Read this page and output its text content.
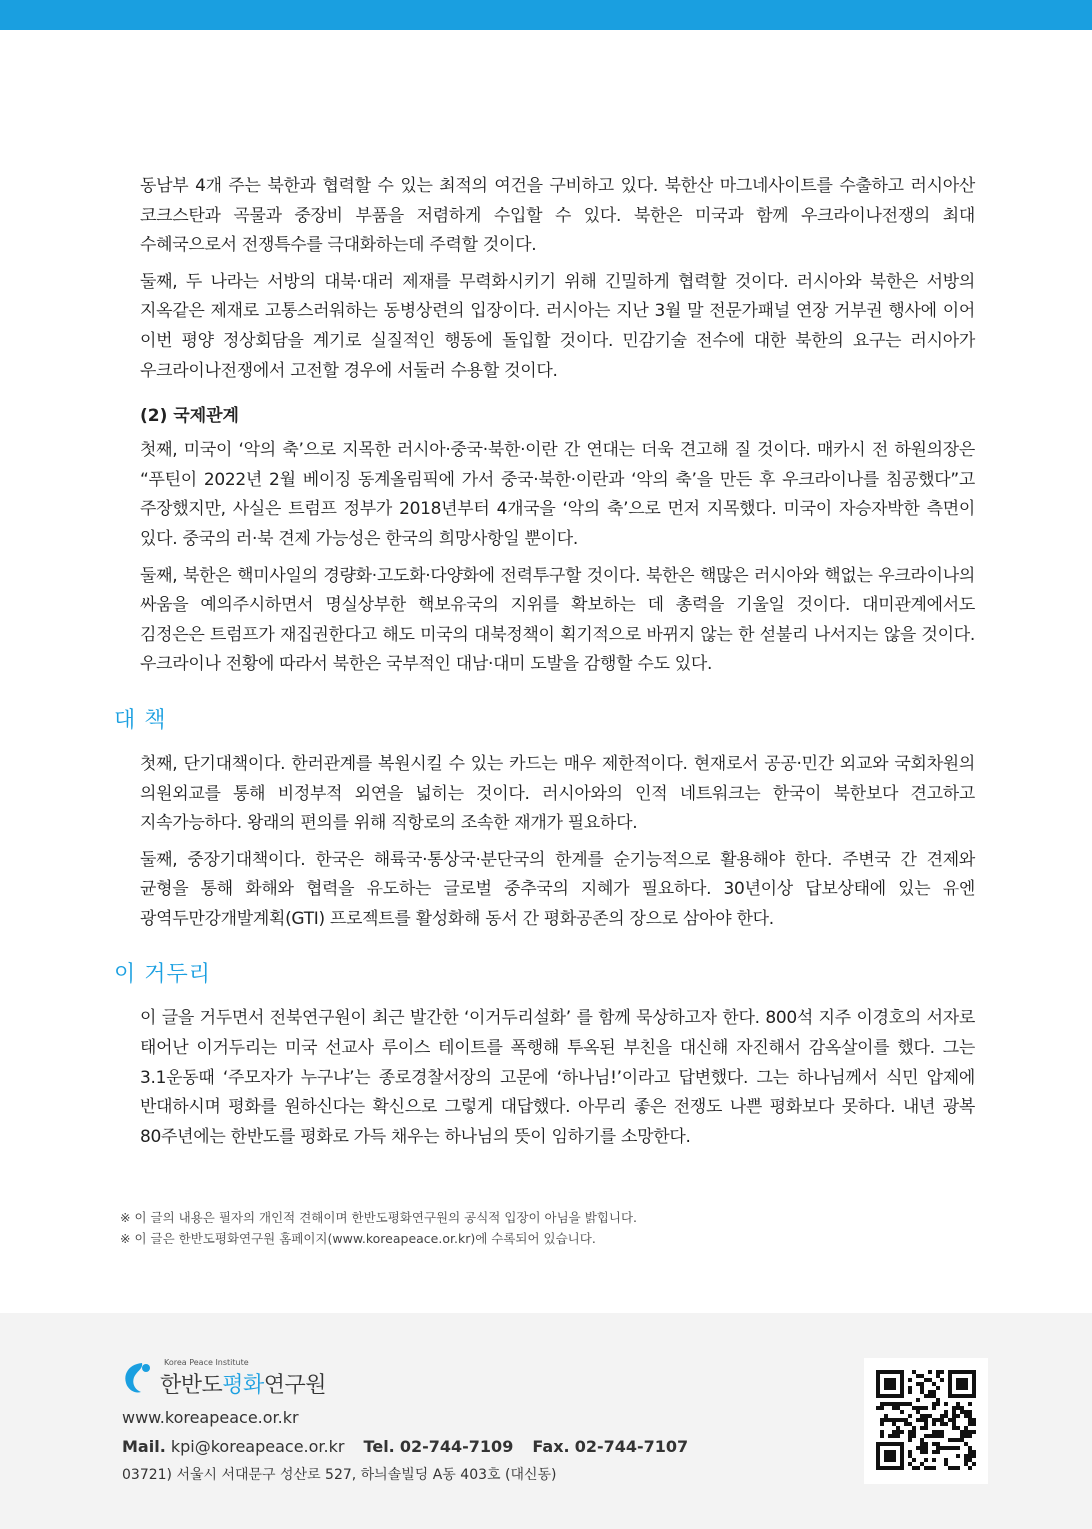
동남부 4개 주는 북한과 협력할 수 있는 최적의 여건을 구비하고 있다. 북한산 마그네사이트를 수출하고 러시아산 코크스탄과 곡물과 중장비 부품을 저렴하게 수입할 수 있다. 북한은 미국과 함께 우크라이나전쟁의 최대 수혜국으로서 전쟁특수를 극대화하는데 주력할 것이다.

둘째, 두 나라는 서방의 대북·대러 제재를 무력화시키기 위해 긴밀하게 협력할 것이다. 러시아와 북한은 서방의 지옥같은 제재로 고통스러워하는 동병상련의 입장이다. 러시아는 지난 3월 말 전문가패널 연장 거부권 행사에 이어 이번 평양 정상회담을 계기로 실질적인 행동에 돌입할 것이다. 민감기술 전수에 대한 북한의 요구는 러시아가 우크라이나전쟁에서 고전할 경우에 서둘러 수용할 것이다.

(2) 국제관계

첫째, 미국이 ‘악의 축’으로 지목한 러시아·중국·북한·이란 간 연대는 더욱 견고해 질 것이다. 매카시 전 하원의장은 “푸틴이 2022년 2월 베이징 동계올림픽에 가서 중국·북한·이란과 ‘악의 축’을 만든 후 우크라이나를 침공했다”고 주장했지만, 사실은 트럼프 정부가 2018년부터 4개국을 ‘악의 축’으로 먼저 지목했다. 미국이 자승자박한 측면이 있다. 중국의 러·북 견제 가능성은 한국의 희망사항일 뿐이다.

둘째, 북한은 핵미사일의 경량화·고도화·다양화에 전력투구할 것이다. 북한은 핵많은 러시아와 핵없는 우크라이나의 싸움을 예의주시하면서 명실상부한 핵보유국의 지위를 확보하는 데 총력을 기울일 것이다. 대미관계에서도 김정은은 트럼프가 재집권한다고 해도 미국의 대북정책이 획기적으로 바뀌지 않는 한 섣불리 나서지는 않을 것이다. 우크라이나 전황에 따라서 북한은 국부적인 대남·대미 도발을 감행할 수도 있다.

대 책

첫째, 단기대책이다. 한러관계를 복원시킬 수 있는 카드는 매우 제한적이다. 현재로서 공공·민간 외교와 국회차원의 의원외교를 통해 비정부적 외연을 넓히는 것이다. 러시아와의 인적 네트워크는 한국이 북한보다 견고하고 지속가능하다. 왕래의 편의를 위해 직항로의 조속한 재개가 필요하다.

둘째, 중장기대책이다. 한국은 해륙국·통상국·분단국의 한계를 순기능적으로 활용해야 한다. 주변국 간 견제와 균형을 통해 화해와 협력을 유도하는 글로벌 중추국의 지혜가 필요하다. 30년이상 답보상태에 있는 유엔 광역두만강개발계획(GTI) 프로젝트를 활성화해 동서 간 평화공존의 장으로 삼아야 한다.

이 거두리

이 글을 거두면서 전북연구원이 최근 발간한 ‘이거두리설화’ 를 함께 묵상하고자 한다. 800석 지주 이경호의 서자로 태어난 이거두리는 미국 선교사 루이스 테이트를 폭행해 투옥된 부친을 대신해 자진해서 감옥살이를 했다. 그는 3.1운동때 ‘주모자가 누구냐’는 종로경찰서장의 고문에 ‘하나님!’이라고 답변했다. 그는 하나님께서 식민 압제에 반대하시며 평화를 원하신다는 확신으로 그렇게 대답했다. 아무리 좋은 전쟁도 나쁜 평화보다 못하다. 내년 광복 80주년에는 한반도를 평화로 가득 채우는 하나님의 뜻이 임하기를 소망한다.

※ 이 글의 내용은 필자의 개인적 견해이며 한반도평화연구원의 공식적 입장이 아님을 밝힙니다.
※ 이 글은 한반도평화연구원 홈페이지(www.koreapeace.or.kr)에 수록되어 있습니다.
Korea Peace Institute
한반도평화연구원
www.koreapeace.or.kr
Mail. kpi@koreapeace.or.kr Tel. 02-744-7109 Fax. 02-744-7107
03721) 서울시 서대문구 성산로 527, 하늬솔빌딩 A동 403호 (대신동)
